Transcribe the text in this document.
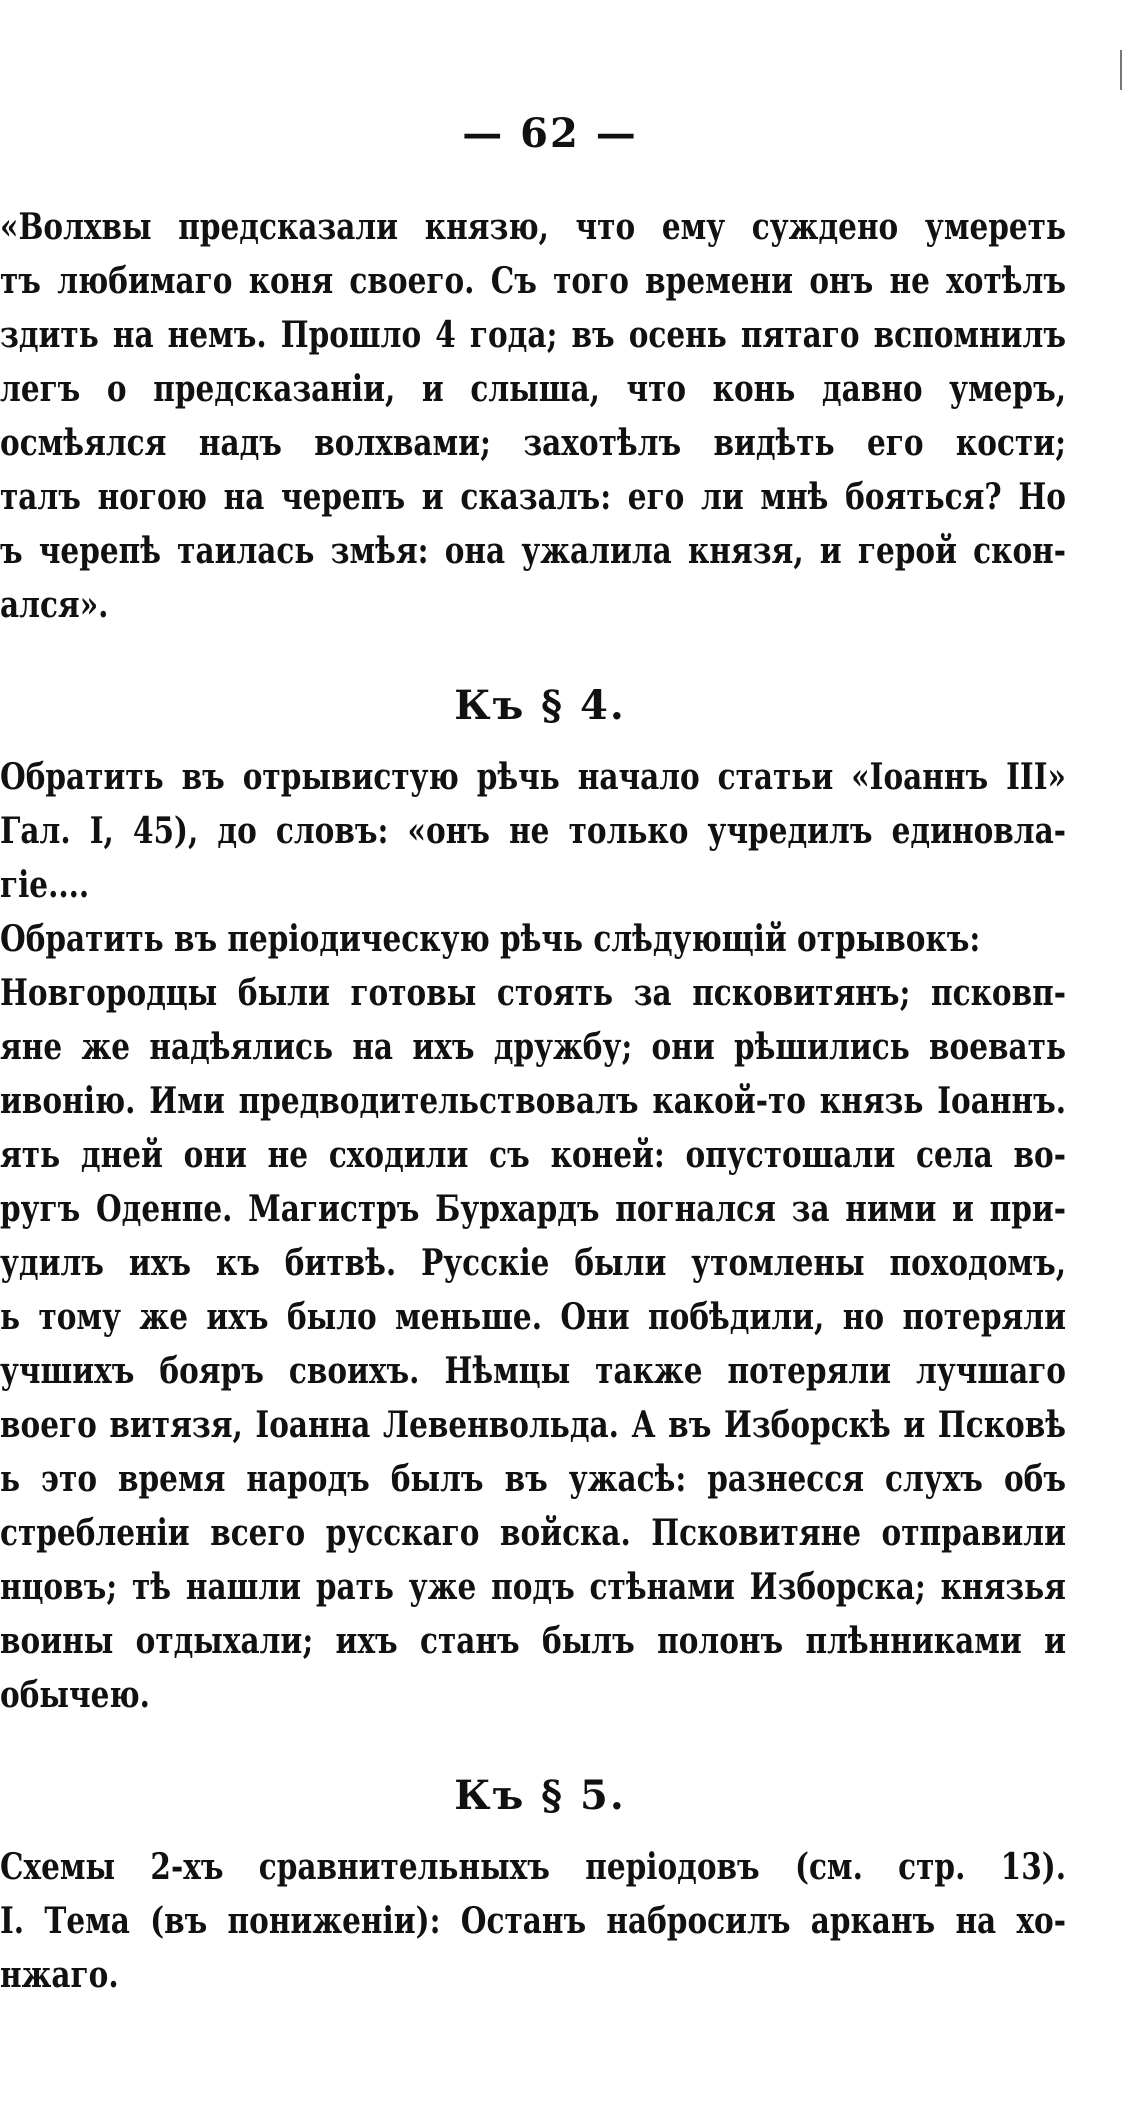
— 62 —
«Волхвы предсказали князю, что ему суждено умереть
тъ любимаго коня своего. Съ того времени онъ не хотѣлъ
здить на немъ. Прошло 4 года; въ осень пятаго вспомнилъ
легъ о предсказаніи, и слыша, что конь давно умеръ,
осмѣялся надъ волхвами; захотѣлъ видѣть его кости;
талъ ногою на черепъ и сказалъ: его ли мнѣ бояться? Но
ъ черепѣ таилась змѣя: она ужалила князя, и герой скон-
ался».
Къ § 4.
Обратить въ отрывистую рѣчь начало статьи «Іоаннъ III»
Гал. I, 45), до словъ: «онъ не только учредилъ единовла-
гіе....
Обратить въ періодическую рѣчь слѣдующій отрывокъ:
Новгородцы были готовы стоять за псковитянъ; псковп-
яне же надѣялись на ихъ дружбу; они рѣшились воевать
ивонію. Ими предводительствовалъ какой-то князь Іоаннъ.
ять дней они не сходили съ коней: опустошали села во-
ругъ Оденпе. Магистръ Бурхардъ погнался за ними и при-
удилъ ихъ къ битвѣ. Русскіе были утомлены походомъ,
ь тому же ихъ было меньше. Они побѣдили, но потеряли
учшихъ бояръ своихъ. Нѣмцы также потеряли лучшаго
воего витязя, Іоанна Левенвольда. А въ Изборскѣ и Псковѣ
ь это время народъ былъ въ ужасѣ: разнесся слухъ объ
стребленіи всего русскаго войска. Псковитяне отправили
нцовъ; тѣ нашли рать уже подъ стѣнами Изборска; князья
воины отдыхали; ихъ станъ былъ полонъ плѣнниками и
обычею.
Къ § 5.
Схемы 2-хъ сравнительныхъ періодовъ (см. стр. 13).
I. Тема (въ пониженіи): Останъ набросилъ арканъ на хо-
нжаго.
